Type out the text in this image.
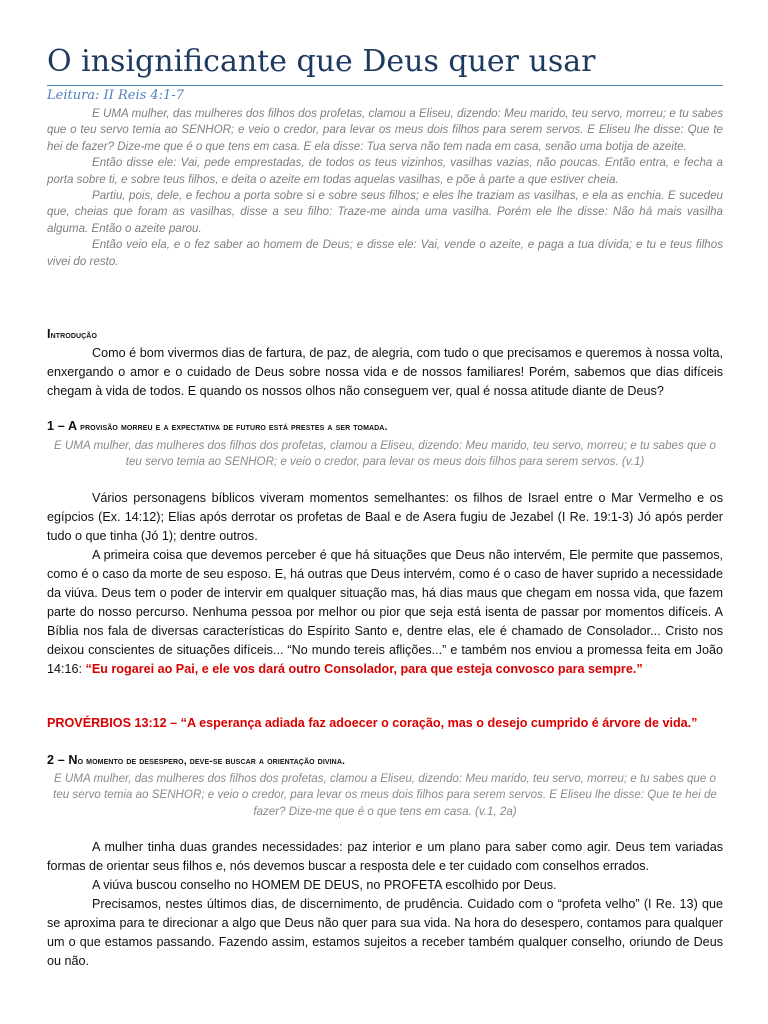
O insignificante que Deus quer usar
Leitura: II Reis 4:1-7

E UMA mulher, das mulheres dos filhos dos profetas, clamou a Eliseu, dizendo: Meu marido, teu servo, morreu; e tu sabes que o teu servo temia ao SENHOR; e veio o credor, para levar os meus dois filhos para serem servos. E Eliseu lhe disse: Que te hei de fazer? Dize-me que é o que tens em casa. E ela disse: Tua serva não tem nada em casa, senão uma botija de azeite.

Então disse ele: Vai, pede emprestadas, de todos os teus vizinhos, vasilhas vazias, não poucas. Então entra, e fecha a porta sobre ti, e sobre teus filhos, e deita o azeite em todas aquelas vasilhas, e põe à parte a que estiver cheia.

Partiu, pois, dele, e fechou a porta sobre si e sobre seus filhos; e eles lhe traziam as vasilhas, e ela as enchia. E sucedeu que, cheias que foram as vasilhas, disse a seu filho: Traze-me ainda uma vasilha. Porém ele lhe disse: Não há mais vasilha alguma. Então o azeite parou.

Então veio ela, e o fez saber ao homem de Deus; e disse ele: Vai, vende o azeite, e paga a tua dívida; e tu e teus filhos vivei do resto.

Introdução

Como é bom vivermos dias de fartura, de paz, de alegria, com tudo o que precisamos e queremos à nossa volta, enxergando o amor e o cuidado de Deus sobre nossa vida e de nossos familiares! Porém, sabemos que dias difíceis chegam à vida de todos. E quando os nossos olhos não conseguem ver, qual é nossa atitude diante de Deus?

1 – A provisão morreu e a expectativa de futuro está prestes a ser tomada.
E UMA mulher, das mulheres dos filhos dos profetas, clamou a Eliseu, dizendo: Meu marido, teu servo, morreu; e tu sabes que o teu servo temia ao SENHOR; e veio o credor, para levar os meus dois filhos para serem servos. (v.1)

Vários personagens bíblicos viveram momentos semelhantes: os filhos de Israel entre o Mar Vermelho e os egípcios (Ex. 14:12); Elias após derrotar os profetas de Baal e de Asera fugiu de Jezabel (I Re. 19:1-3) Jó após perder tudo o que tinha (Jó 1); dentre outros.

A primeira coisa que devemos perceber é que há situações que Deus não intervém, Ele permite que passemos, como é o caso da morte de seu esposo. E, há outras que Deus intervém, como é o caso de haver suprido a necessidade da viúva. Deus tem o poder de intervir em qualquer situação mas, há dias maus que chegam em nossa vida, que fazem parte do nosso percurso. Nenhuma pessoa por melhor ou pior que seja está isenta de passar por momentos difíceis. A Bíblia nos fala de diversas características do Espírito Santo e, dentre elas, ele é chamado de Consolador... Cristo nos deixou conscientes de situações difíceis... “No mundo tereis aflições...” e também nos enviou a promessa feita em João 14:16: “Eu rogarei ao Pai, e ele vos dará outro Consolador, para que esteja convosco para sempre.”

PROVÉRBIOS 13:12 – “A esperança adiada faz adoecer o coração, mas o desejo cumprido é árvore de vida.”
2 – No momento de desespero, deve-se buscar a orientação divina.
E UMA mulher, das mulheres dos filhos dos profetas, clamou a Eliseu, dizendo: Meu marido, teu servo, morreu; e tu sabes que o teu servo temia ao SENHOR; e veio o credor, para levar os meus dois filhos para serem servos. E Eliseu lhe disse: Que te hei de fazer? Dize-me que é o que tens em casa. (v.1, 2a)

A mulher tinha duas grandes necessidades: paz interior e um plano para saber como agir. Deus tem variadas formas de orientar seus filhos e, nós devemos buscar a resposta dele e ter cuidado com conselhos errados.

A viúva buscou conselho no HOMEM DE DEUS, no PROFETA escolhido por Deus.

Precisamos, nestes últimos dias, de discernimento, de prudência. Cuidado com o “profeta velho” (I Re. 13) que se aproxima para te direcionar a algo que Deus não quer para sua vida. Na hora do desespero, contamos para qualquer um o que estamos passando. Fazendo assim, estamos sujeitos a receber também qualquer conselho, oriundo de Deus ou não.
